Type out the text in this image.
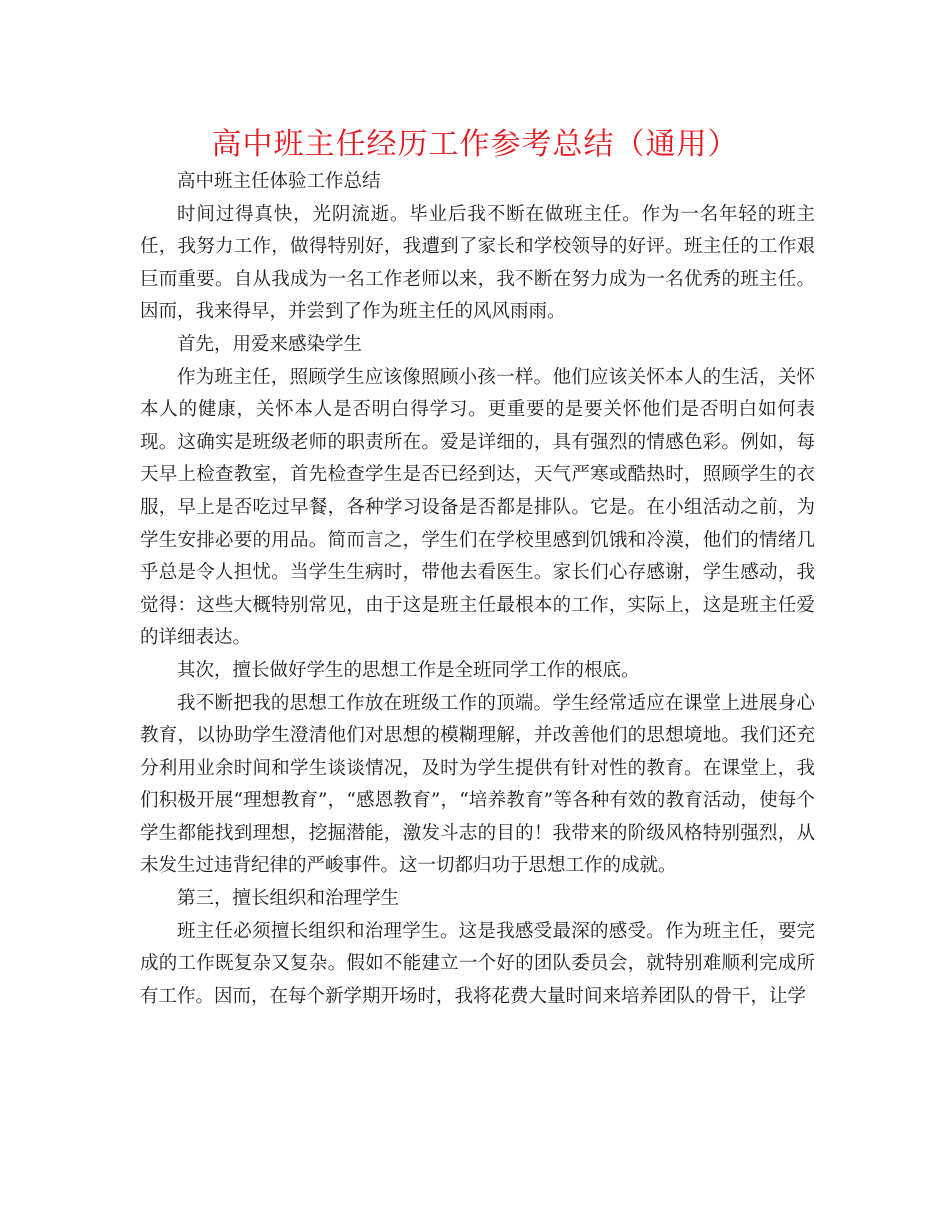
高中班主任经历工作参考总结（通用）

高中班主任体验工作总结

时间过得真快，光阴流逝。毕业后我不断在做班主任。作为一名年轻的班主任，我努力工作，做得特别好，我遭到了家长和学校领导的好评。班主任的工作艰巨而重要。自从我成为一名工作老师以来，我不断在努力成为一名优秀的班主任。因而，我来得早，并尝到了作为班主任的风风雨雨。

首先，用爱来感染学生

作为班主任，照顾学生应该像照顾小孩一样。他们应该关怀本人的生活，关怀本人的健康，关怀本人是否明白得学习。更重要的是要关怀他们是否明白如何表现。这确实是班级老师的职责所在。爱是详细的，具有强烈的情感色彩。例如，每天早上检查教室，首先检查学生是否已经到达，天气严寒或酷热时，照顾学生的衣服，早上是否吃过早餐，各种学习设备是否都是排队。它是。在小组活动之前，为学生安排必要的用品。简而言之，学生们在学校里感到饥饿和冷漠，他们的情绪几乎总是令人担忧。当学生生病时，带他去看医生。家长们心存感谢，学生感动，我觉得：这些大概特别常见，由于这是班主任最根本的工作，实际上，这是班主任爱的详细表达。

其次，擅长做好学生的思想工作是全班同学工作的根底。

我不断把我的思想工作放在班级工作的顶端。学生经常适应在课堂上进展身心教育，以协助学生澄清他们对思想的模糊理解，并改善他们的思想境地。我们还充分利用业余时间和学生谈谈情况，及时为学生提供有针对性的教育。在课堂上，我们积极开展“理想教育”，“感恩教育”，“培养教育”等各种有效的教育活动，使每个学生都能找到理想，挖掘潜能，激发斗志的目的！我带来的阶级风格特别强烈，从未发生过违背纪律的严峻事件。这一切都归功于思想工作的成就。

第三，擅长组织和治理学生

班主任必须擅长组织和治理学生。这是我感受最深的感受。作为班主任，要完成的工作既复杂又复杂。假如不能建立一个好的团队委员会，就特别难顺利完成所有工作。因而，在每个新学期开场时，我将花费大量时间来培养团队的骨干，让学
